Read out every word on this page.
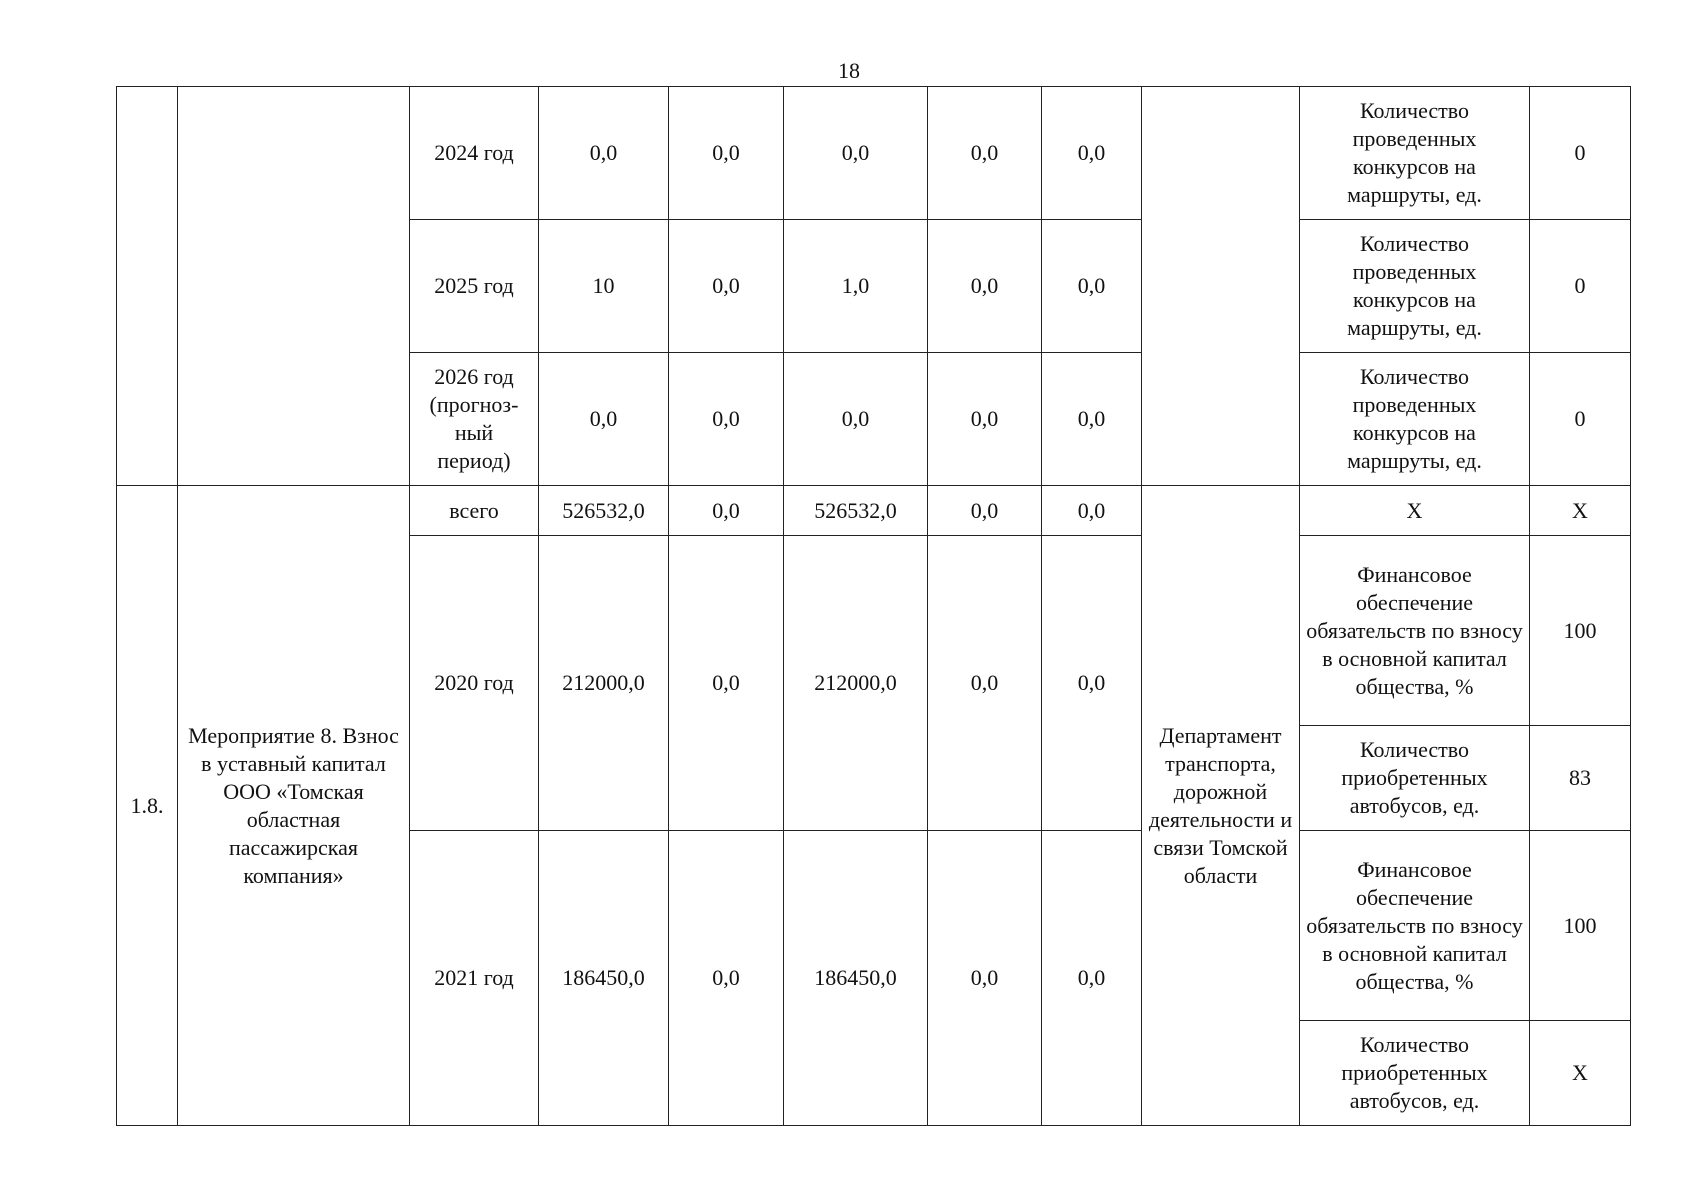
18
		2024 год	0,0	0,0	0,0	0,0	0,0		Количество проведенных конкурсов на маршруты, ед.	0
		2025 год	10	0,0	1,0	0,0	0,0		Количество проведенных конкурсов на маршруты, ед.	0
		2026 год (прогноз-ный период)	0,0	0,0	0,0	0,0	0,0		Количество проведенных конкурсов на маршруты, ед.	0
1.8.	Мероприятие 8. Взнос в уставный капитал ООО «Томская областная пассажирская компания»	всего	526532,0	0,0	526532,0	0,0	0,0	Департамент транспорта, дорожной деятельности и связи Томской области	X	X
		2020 год	212000,0	0,0	212000,0	0,0	0,0		Финансовое обеспечение обязательств по взносу в основной капитал общества, %	100
									Количество приобретенных автобусов, ед.	83
		2021 год	186450,0	0,0	186450,0	0,0	0,0		Финансовое обеспечение обязательств по взносу в основной капитал общества, %	100
									Количество приобретенных автобусов, ед.	X
